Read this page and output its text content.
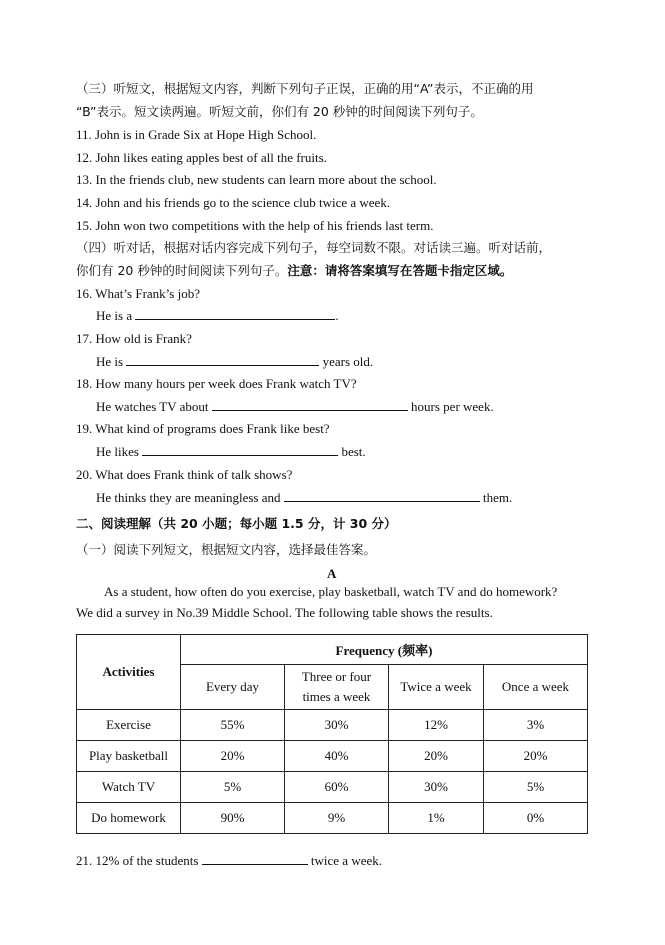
（三）听短文，根据短文内容，判断下列句子正误，正确的用“A”表示，不正确的用
“B”表示。短文读两遍。听短文前，你们有 20 秒钟的时间阅读下列句子。
11. John is in Grade Six at Hope High School.
12. John likes eating apples best of all the fruits.
13. In the friends club, new students can learn more about the school.
14. John and his friends go to the science club twice a week.
15. John won two competitions with the help of his friends last term.
（四）听对话，根据对话内容完成下列句子，每空词数不限。对话读三遍。听对话前，
你们有 20 秒钟的时间阅读下列句子。注意：请将答案填写在答题卡指定区域。
16. What’s Frank’s job?
He is a	.
17. How old is Frank?
He is	years old.
18. How many hours per week does Frank watch TV?
He watches TV about	hours per week.
19. What kind of programs does Frank like best?
He likes	best.
20. What does Frank think of talk shows?
He thinks they are meaningless and	them.
二、阅读理解（共 20 小题；每小题 1.5 分，计 30 分）
（一）阅读下列短文，根据短文内容，选择最佳答案。
A
As a student, how often do you exercise, play basketball, watch TV and do homework?
We did a survey in No.39 Middle School. The following table shows the results.
Activities	Frequency (频率)			
	Every day	Three or four times a week	Twice a week	Once a week
Exercise	55%	30%	12%	3%
Play basketball	20%	40%	20%	20%
Watch TV	5%	60%	30%	5%
Do homework	90%	9%	1%	0%
21. 12% of the students	twice a week.
